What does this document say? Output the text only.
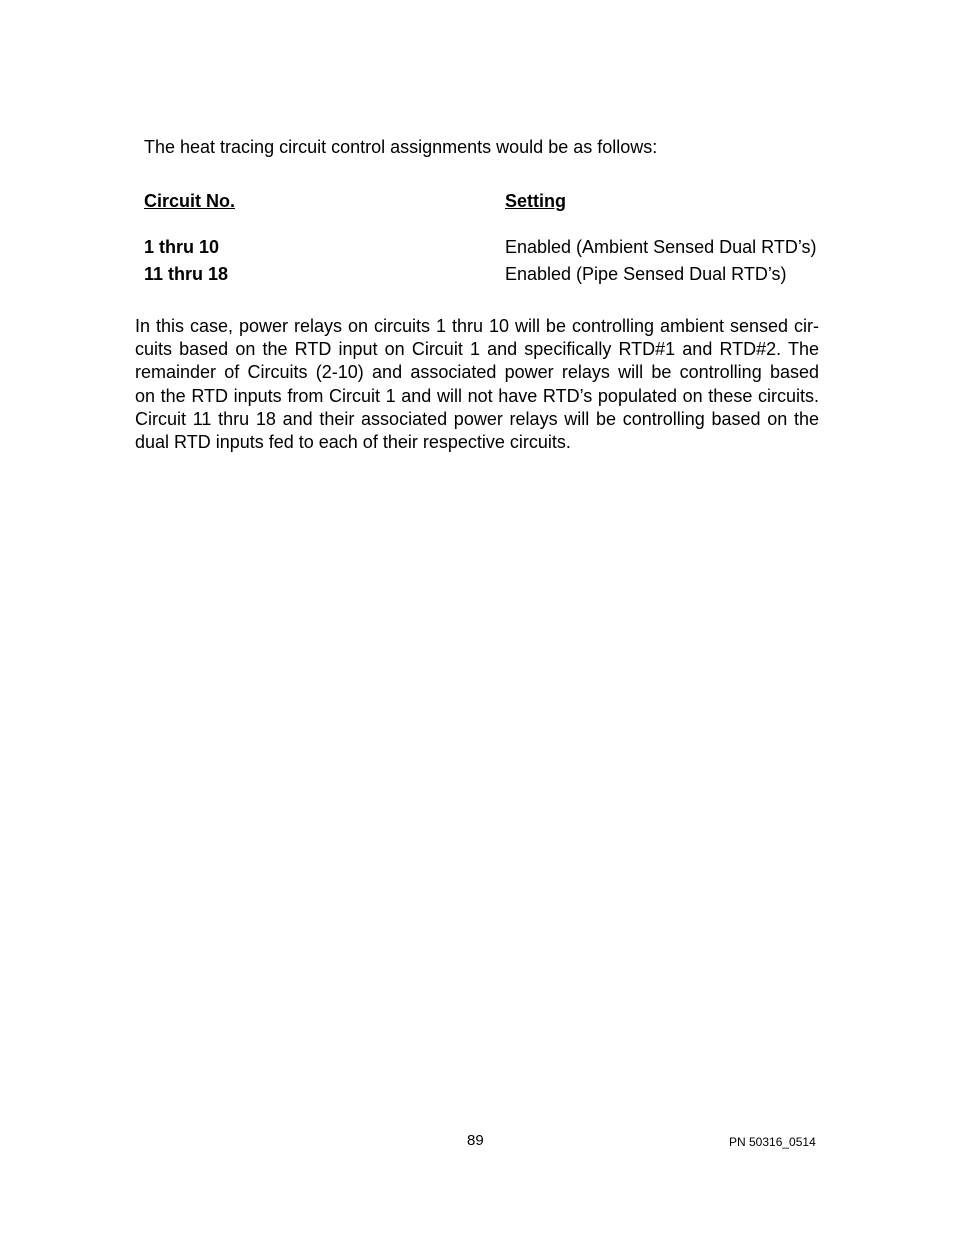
The heat tracing circuit control assignments would be as follows:
Circuit No.	Setting
1 thru 10	Enabled (Ambient Sensed Dual RTD’s)
11 thru 18	Enabled (Pipe Sensed Dual RTD’s)
In this case, power relays on circuits 1 thru 10 will be controlling ambient sensed cir-
cuits based on the RTD input on Circuit 1 and specifically RTD#1 and RTD#2. The
remainder of Circuits (2-10) and associated power relays will be controlling based
on the RTD inputs from Circuit 1 and will not have RTD’s populated on these circuits.
Circuit 11 thru 18 and their associated power relays will be controlling based on the
dual RTD inputs fed to each of their respective circuits.
89	PN 50316_0514
